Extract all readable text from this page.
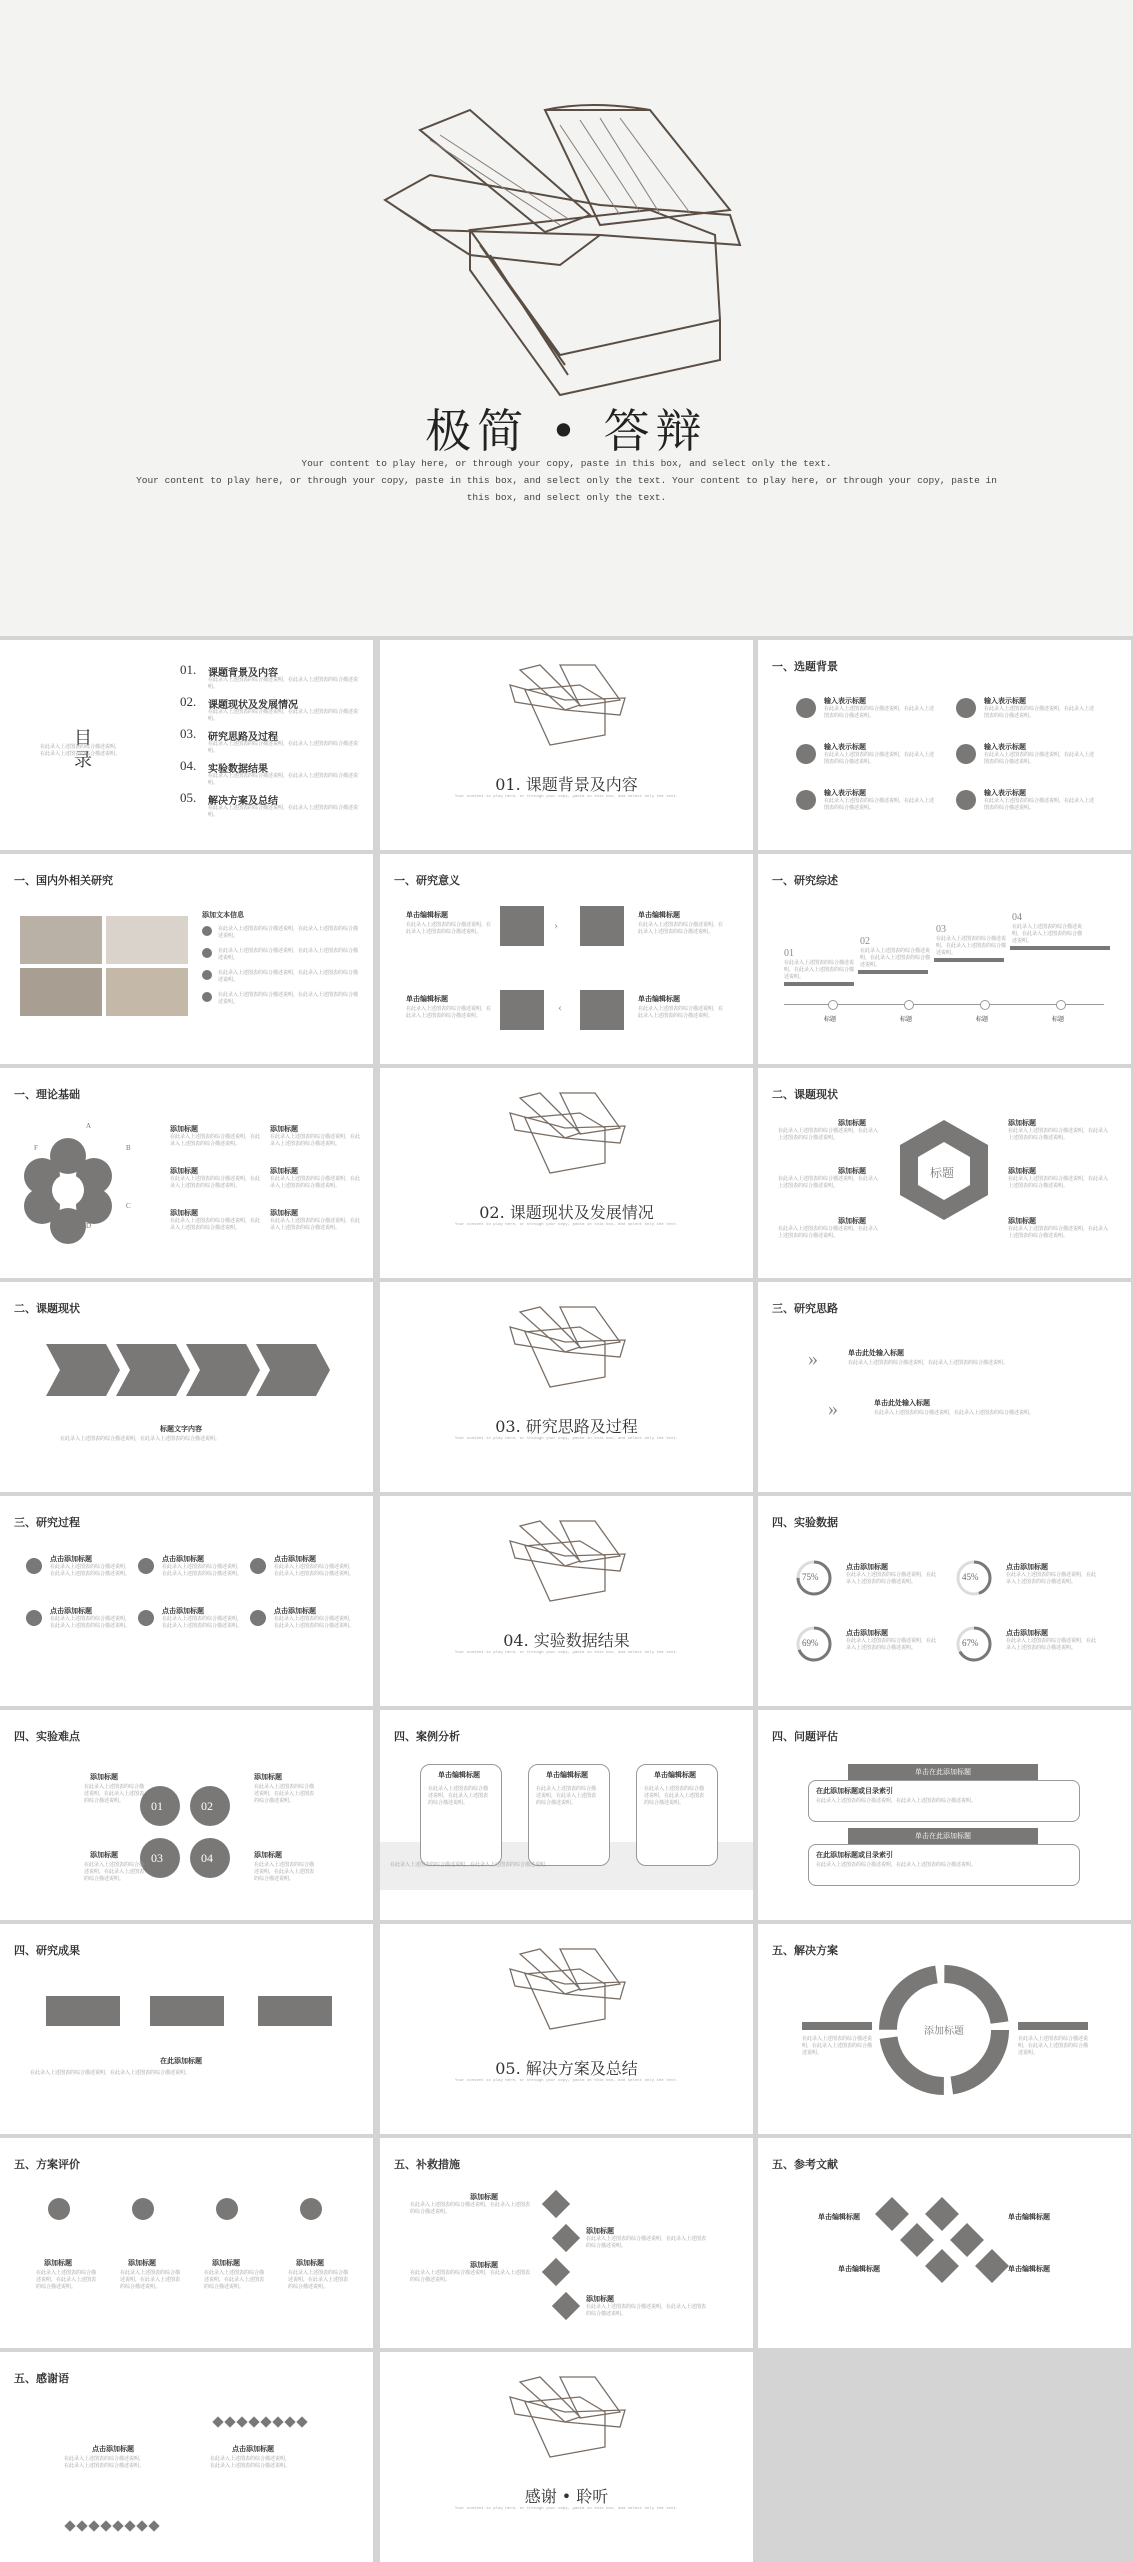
极简 • 答辩
Your content to play here, or through your copy, paste in this box, and select only the text.
Your content to play here, or through your copy, paste in this box, and select only the text. Your content to play here, or through your copy, paste in
this box, and select only the text.
目录
在此录入上述图表的综合描述说明，在此录入上述图表的综合描述说明。
01. 课题背景及内容
在此录入上述图表的综合描述说明，在此录入上述图表的综合描述说明。
02. 课题现状及发展情况
在此录入上述图表的综合描述说明，在此录入上述图表的综合描述说明。
03. 研究思路及过程
在此录入上述图表的综合描述说明，在此录入上述图表的综合描述说明。
04. 实验数据结果
在此录入上述图表的综合描述说明，在此录入上述图表的综合描述说明。
05. 解决方案及总结
在此录入上述图表的综合描述说明，在此录入上述图表的综合描述说明。
01. 课题背景及内容
Your content to play here, or through your copy, paste in this box, and select only the text.
一、选题背景
输入表示标题
在此录入上述图表的综合描述说明，在此录入上述图表的综合描述说明。
输入表示标题
在此录入上述图表的综合描述说明，在此录入上述图表的综合描述说明。
输入表示标题
在此录入上述图表的综合描述说明，在此录入上述图表的综合描述说明。
输入表示标题
在此录入上述图表的综合描述说明，在此录入上述图表的综合描述说明。
输入表示标题
在此录入上述图表的综合描述说明，在此录入上述图表的综合描述说明。
输入表示标题
在此录入上述图表的综合描述说明，在此录入上述图表的综合描述说明。
一、国内外相关研究
添加文本信息
在此录入上述图表的综合描述说明，在此录入上述图表的综合描述说明。
在此录入上述图表的综合描述说明，在此录入上述图表的综合描述说明。
在此录入上述图表的综合描述说明，在此录入上述图表的综合描述说明。
在此录入上述图表的综合描述说明，在此录入上述图表的综合描述说明。
一、研究意义
›
‹
单击编辑标题	单击编辑标题
单击编辑标题	单击编辑标题
在此录入上述图表的综合描述说明，在此录入上述图表的综合描述说明。
在此录入上述图表的综合描述说明，在此录入上述图表的综合描述说明。
在此录入上述图表的综合描述说明，在此录入上述图表的综合描述说明。
在此录入上述图表的综合描述说明，在此录入上述图表的综合描述说明。
一、研究综述
01
在此录入上述图表的综合描述说明，在此录入上述图表的综合描述说明。
标题
02
在此录入上述图表的综合描述说明，在此录入上述图表的综合描述说明。
标题
03
在此录入上述图表的综合描述说明，在此录入上述图表的综合描述说明。
标题
04
在此录入上述图表的综合描述说明，在此录入上述图表的综合描述说明。
标题
一、理论基础
A
B
C
D
E
F
添加标题
在此录入上述图表的综合描述说明，在此录入上述图表的综合描述说明。
添加标题
在此录入上述图表的综合描述说明，在此录入上述图表的综合描述说明。
添加标题
在此录入上述图表的综合描述说明，在此录入上述图表的综合描述说明。
添加标题
在此录入上述图表的综合描述说明，在此录入上述图表的综合描述说明。
添加标题
在此录入上述图表的综合描述说明，在此录入上述图表的综合描述说明。
添加标题
在此录入上述图表的综合描述说明，在此录入上述图表的综合描述说明。
02. 课题现状及发展情况
Your content to play here, or through your copy, paste in this box, and select only the text.
二、课题现状
标题
添加标题
在此录入上述图表的综合描述说明，在此录入上述图表的综合描述说明。
添加标题
在此录入上述图表的综合描述说明，在此录入上述图表的综合描述说明。
添加标题
在此录入上述图表的综合描述说明，在此录入上述图表的综合描述说明。
添加标题
在此录入上述图表的综合描述说明，在此录入上述图表的综合描述说明。
添加标题
在此录入上述图表的综合描述说明，在此录入上述图表的综合描述说明。
添加标题
在此录入上述图表的综合描述说明，在此录入上述图表的综合描述说明。
二、课题现状
标题文字内容
在此录入上述图表的综合描述说明，在此录入上述图表的综合描述说明。
03. 研究思路及过程
Your content to play here, or through your copy, paste in this box, and select only the text.
三、研究思路
»
»
单击此处输入标题
在此录入上述图表的综合描述说明，在此录入上述图表的综合描述说明。
单击此处输入标题
在此录入上述图表的综合描述说明，在此录入上述图表的综合描述说明。
三、研究过程
点击添加标题
在此录入上述图表的综合描述说明，在此录入上述图表的综合描述说明。
点击添加标题
在此录入上述图表的综合描述说明，在此录入上述图表的综合描述说明。
点击添加标题
在此录入上述图表的综合描述说明，在此录入上述图表的综合描述说明。
点击添加标题
在此录入上述图表的综合描述说明，在此录入上述图表的综合描述说明。
点击添加标题
在此录入上述图表的综合描述说明，在此录入上述图表的综合描述说明。
点击添加标题
在此录入上述图表的综合描述说明，在此录入上述图表的综合描述说明。
04. 实验数据结果
Your content to play here, or through your copy, paste in this box, and select only the text.
四、实验数据
75%
点击添加标题
在此录入上述图表的综合描述说明，在此录入上述图表的综合描述说明。	45%
点击添加标题
在此录入上述图表的综合描述说明，在此录入上述图表的综合描述说明。
69%
点击添加标题
在此录入上述图表的综合描述说明，在此录入上述图表的综合描述说明。	67%
点击添加标题
在此录入上述图表的综合描述说明，在此录入上述图表的综合描述说明。
四、实验难点
01	02
03	04
添加标题	添加标题
添加标题	添加标题
在此录入上述图表的综合描述说明，在此录入上述图表的综合描述说明。
在此录入上述图表的综合描述说明，在此录入上述图表的综合描述说明。
在此录入上述图表的综合描述说明，在此录入上述图表的综合描述说明。
在此录入上述图表的综合描述说明，在此录入上述图表的综合描述说明。
四、案例分析
单击编辑标题
在此录入上述图表的综合描述说明，在此录入上述图表的综合描述说明。
单击编辑标题
在此录入上述图表的综合描述说明，在此录入上述图表的综合描述说明。
单击编辑标题
在此录入上述图表的综合描述说明，在此录入上述图表的综合描述说明。
在此录入上述图表的综合描述说明，在此录入上述图表的综合描述说明。
四、问题评估
单击在此添加标题
在此添加标题或目录索引
在此录入上述图表的综合描述说明，在此录入上述图表的综合描述说明。
单击在此添加标题
在此添加标题或目录索引
在此录入上述图表的综合描述说明，在此录入上述图表的综合描述说明。
四、研究成果
在此添加标题
在此录入上述图表的综合描述说明，在此录入上述图表的综合描述说明。	05. 解决方案及总结
Your content to play here, or through your copy, paste in this box, and select only the text.
五、解决方案
添加标题
在此录入上述图表的综合描述说明，在此录入上述图表的综合描述说明。
在此录入上述图表的综合描述说明，在此录入上述图表的综合描述说明。
五、方案评价
添加标题
在此录入上述图表的综合描述说明，在此录入上述图表的综合描述说明。
添加标题
在此录入上述图表的综合描述说明，在此录入上述图表的综合描述说明。
添加标题
在此录入上述图表的综合描述说明，在此录入上述图表的综合描述说明。
添加标题
在此录入上述图表的综合描述说明，在此录入上述图表的综合描述说明。
五、补救措施
添加标题
在此录入上述图表的综合描述说明，在此录入上述图表的综合描述说明。
添加标题
在此录入上述图表的综合描述说明，在此录入上述图表的综合描述说明。
添加标题
在此录入上述图表的综合描述说明，在此录入上述图表的综合描述说明。
添加标题
在此录入上述图表的综合描述说明，在此录入上述图表的综合描述说明。
五、参考文献
单击编辑标题	单击编辑标题
单击编辑标题	单击编辑标题
五、感谢语
点击添加标题
在此录入上述图表的综合描述说明，在此录入上述图表的综合描述说明。
点击添加标题
在此录入上述图表的综合描述说明，在此录入上述图表的综合描述说明。
感谢 • 聆听
Your content to play here, or through your copy, paste in this box, and select only the text.
